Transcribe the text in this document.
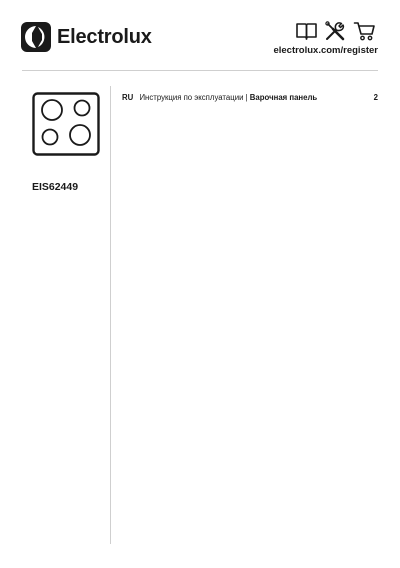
Electrolux
electrolux.com/register
EIS62449
RU Инструкция по эксплуатации | Варочная панель	2
